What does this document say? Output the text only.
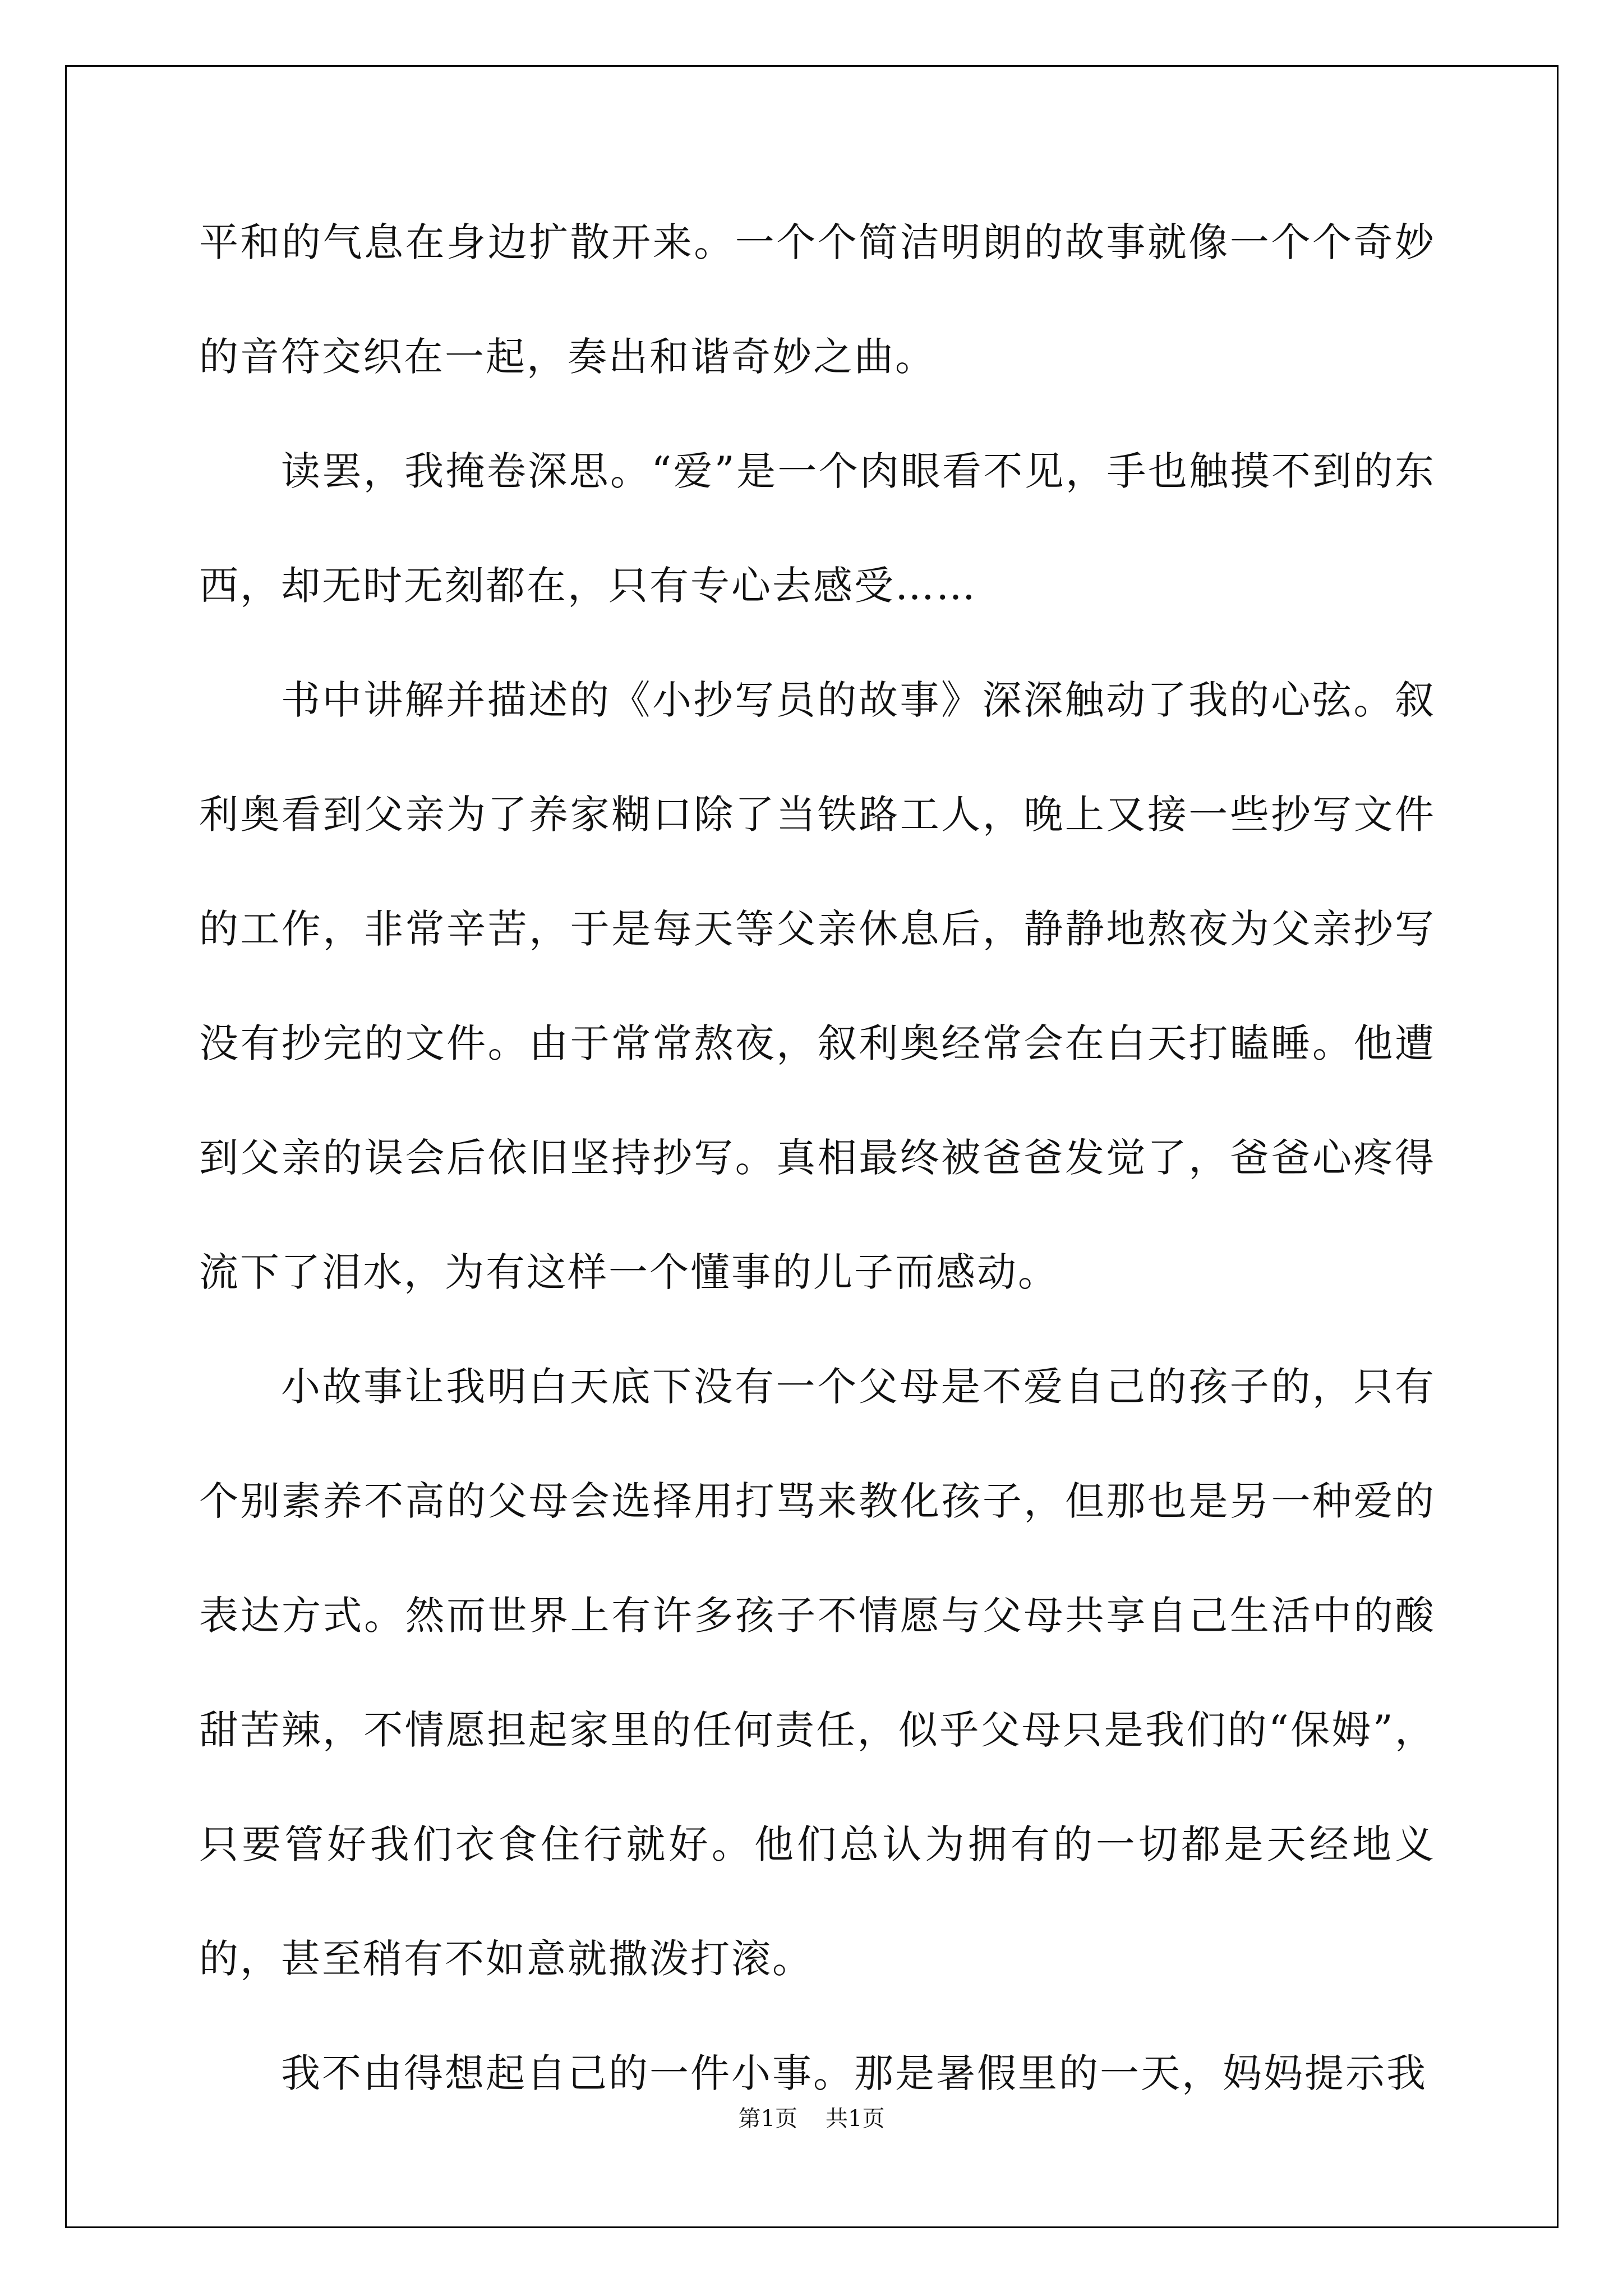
平和的气息在身边扩散开来。一个个简洁明朗的故事就像一个个奇妙的音符交织在一起，奏出和谐奇妙之曲。

读罢，我掩卷深思。“爱”是一个肉眼看不见，手也触摸不到的东西，却无时无刻都在，只有专心去感受……

书中讲解并描述的《小抄写员的故事》深深触动了我的心弦。叙利奥看到父亲为了养家糊口除了当铁路工人，晚上又接一些抄写文件的工作，非常辛苦，于是每天等父亲休息后，静静地熬夜为父亲抄写没有抄完的文件。由于常常熬夜，叙利奥经常会在白天打瞌睡。他遭到父亲的误会后依旧坚持抄写。真相最终被爸爸发觉了，爸爸心疼得流下了泪水，为有这样一个懂事的儿子而感动。

小故事让我明白天底下没有一个父母是不爱自己的孩子的，只有个别素养不高的父母会选择用打骂来教化孩子，但那也是另一种爱的表达方式。然而世界上有许多孩子不情愿与父母共享自己生活中的酸甜苦辣，不情愿担起家里的任何责任，似乎父母只是我们的“保姆”，只要管好我们衣食住行就好。他们总认为拥有的一切都是天经地义的，甚至稍有不如意就撒泼打滚。

我不由得想起自己的一件小事。那是暑假里的一天，妈妈提示我

第1页 共1页
